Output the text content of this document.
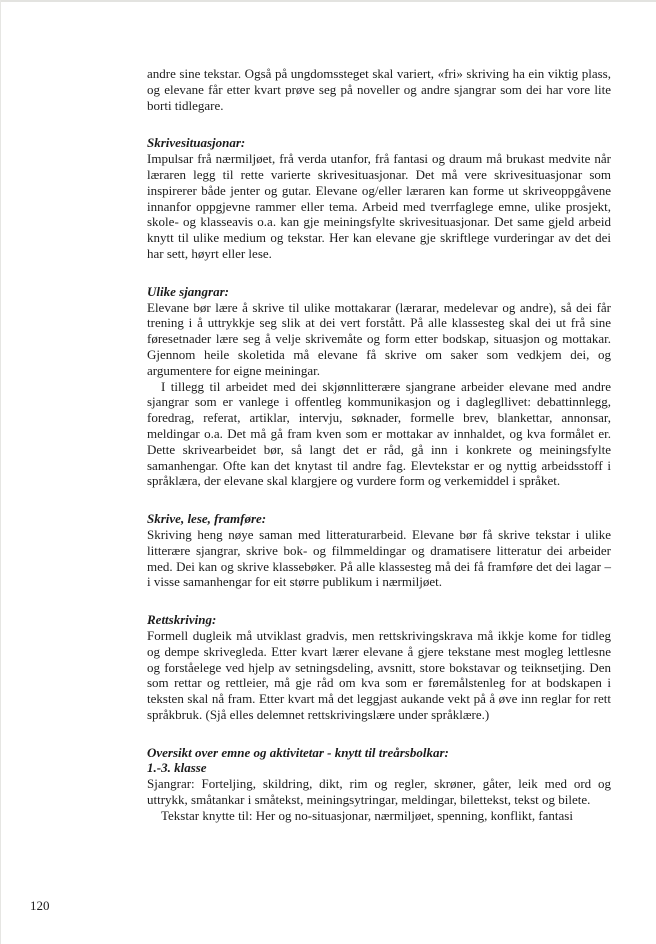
andre sine tekstar. Også på ungdomssteget skal variert, «fri» skriving ha ein viktig plass, og elevane får etter kvart prøve seg på noveller og andre sjangrar som dei har vore lite borti tidlegare.

Skrivesituasjonar:

Impulsar frå nærmiljøet, frå verda utanfor, frå fantasi og draum må brukast medvite når læraren legg til rette varierte skrivesituasjonar. Det må vere skrivesituasjonar som inspirerer både jenter og gutar. Elevane og/eller læraren kan forme ut skriveoppgåvene innanfor oppgjevne rammer eller tema. Arbeid med tverrfaglege emne, ulike prosjekt, skole- og klasseavis o.a. kan gje meiningsfylte skrivesituasjonar. Det same gjeld arbeid knytt til ulike medium og tekstar. Her kan elevane gje skriftlege vurderingar av det dei har sett, høyrt eller lese.

Ulike sjangrar:

Elevane bør lære å skrive til ulike mottakarar (lærarar, medelevar og andre), så dei får trening i å uttrykkje seg slik at dei vert forstått. På alle klassesteg skal dei ut frå sine føresetnader lære seg å velje skrivemåte og form etter bodskap, situasjon og mottakar. Gjennom heile skoletida må elevane få skrive om saker som vedkjem dei, og argumentere for eigne meiningar.

I tillegg til arbeidet med dei skjønnlitterære sjangrane arbeider elevane med andre sjangrar som er vanlege i offentleg kommunikasjon og i daglegllivet: debattinnlegg, foredrag, referat, artiklar, intervju, søknader, formelle brev, blankettar, annonsar, meldingar o.a. Det må gå fram kven som er mottakar av innhaldet, og kva formålet er. Dette skrivearbeidet bør, så langt det er råd, gå inn i konkrete og meiningsfylte samanhengar. Ofte kan det knytast til andre fag. Elevtekstar er og nyttig arbeidsstoff i språklæra, der elevane skal klargjere og vurdere form og verkemiddel i språket.

Skrive, lese, framføre:

Skriving heng nøye saman med litteraturarbeid. Elevane bør få skrive tekstar i ulike litterære sjangrar, skrive bok- og filmmeldingar og dramatisere litteratur dei arbeider med. Dei kan og skrive klassebøker. På alle klassesteg må dei få framføre det dei lagar – i visse samanhengar for eit større publikum i nærmiljøet.

Rettskriving:

Formell dugleik må utviklast gradvis, men rettskrivingskrava må ikkje kome for tidleg og dempe skrivegleda. Etter kvart lærer elevane å gjere tekstane mest mogleg lettlesne og forståelege ved hjelp av setningsdeling, avsnitt, store bokstavar og teiknsetjing. Den som rettar og rettleier, må gje råd om kva som er føremålstenleg for at bodskapen i teksten skal nå fram. Etter kvart må det leggjast aukande vekt på å øve inn reglar for rett språkbruk. (Sjå elles delemnet rettskrivingslære under språklære.)

Oversikt over emne og aktivitetar - knytt til treårsbolkar:
1.-3. klasse

Sjangrar: Forteljing, skildring, dikt, rim og regler, skrøner, gåter, leik med ord og uttrykk, småtankar i småtekst, meiningsytringar, meldingar, bilettekst, tekst og bilete.

Tekstar knytte til: Her og no-situasjonar, nærmiljøet, spenning, konflikt, fantasi

120
